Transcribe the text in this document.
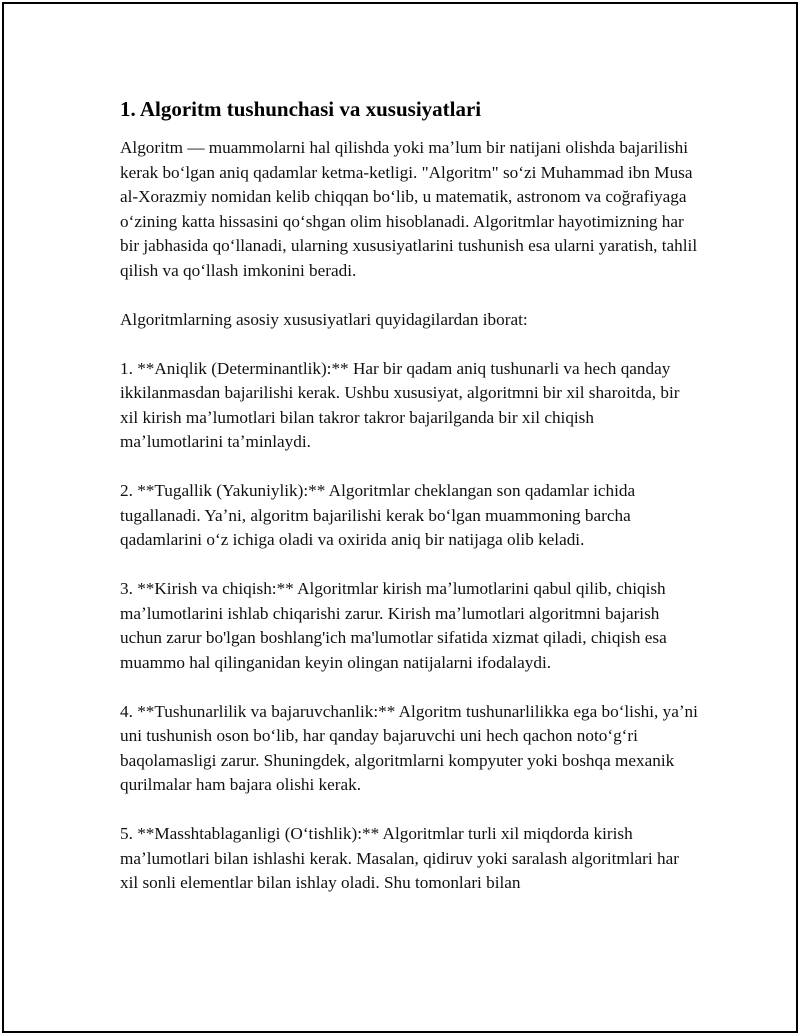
1. Algoritm tushunchasi va xususiyatlari

Algoritm — muammolarni hal qilishda yoki maʼlum bir natijani olishda bajarilishi kerak boʻlgan aniq qadamlar ketma-ketligi. "Algoritm" soʻzi Muhammad ibn Musa al-Xorazmiy nomidan kelib chiqqan boʻlib, u matematik, astronom va coğrafiyaga oʻzining katta hissasini qoʻshgan olim hisoblanadi. Algoritmlar hayotimizning har bir jabhasida qoʻllanadi, ularning xususiyatlarini tushunish esa ularni yaratish, tahlil qilish va qoʻllash imkonini beradi.

Algoritmlarning asosiy xususiyatlari quyidagilardan iborat:

1. **Aniqlik (Determinantlik):** Har bir qadam aniq tushunarli va hech qanday ikkilanmasdan bajarilishi kerak. Ushbu xususiyat, algoritmni bir xil sharoitda, bir xil kirish maʼlumotlari bilan takror takror bajarilganda bir xil chiqish maʼlumotlarini taʼminlaydi.

2. **Tugallik (Yakuniylik):** Algoritmlar cheklangan son qadamlar ichida tugallanadi. Yaʼni, algoritm bajarilishi kerak boʻlgan muammoning barcha qadamlarini oʻz ichiga oladi va oxirida aniq bir natijaga olib keladi.

3. **Kirish va chiqish:** Algoritmlar kirish maʼlumotlarini qabul qilib, chiqish maʼlumotlarini ishlab chiqarishi zarur. Kirish maʼlumotlari algoritmni bajarish uchun zarur bo'lgan boshlang'ich ma'lumotlar sifatida xizmat qiladi, chiqish esa muammo hal qilinganidan keyin olingan natijalarni ifodalaydi.

4. **Tushunarlilik va bajaruvchanlik:** Algoritm tushunarlilikka ega boʻlishi, yaʼni uni tushunish oson boʻlib, har qanday bajaruvchi uni hech qachon notoʻgʻri baqolamasligi zarur. Shuningdek, algoritmlarni kompyuter yoki boshqa mexanik qurilmalar ham bajara olishi kerak.

5. **Masshtablaganligi (Oʻtishlik):** Algoritmlar turli xil miqdorda kirish maʼlumotlari bilan ishlashi kerak. Masalan, qidiruv yoki saralash algoritmlari har xil sonli elementlar bilan ishlay oladi. Shu tomonlari bilan
